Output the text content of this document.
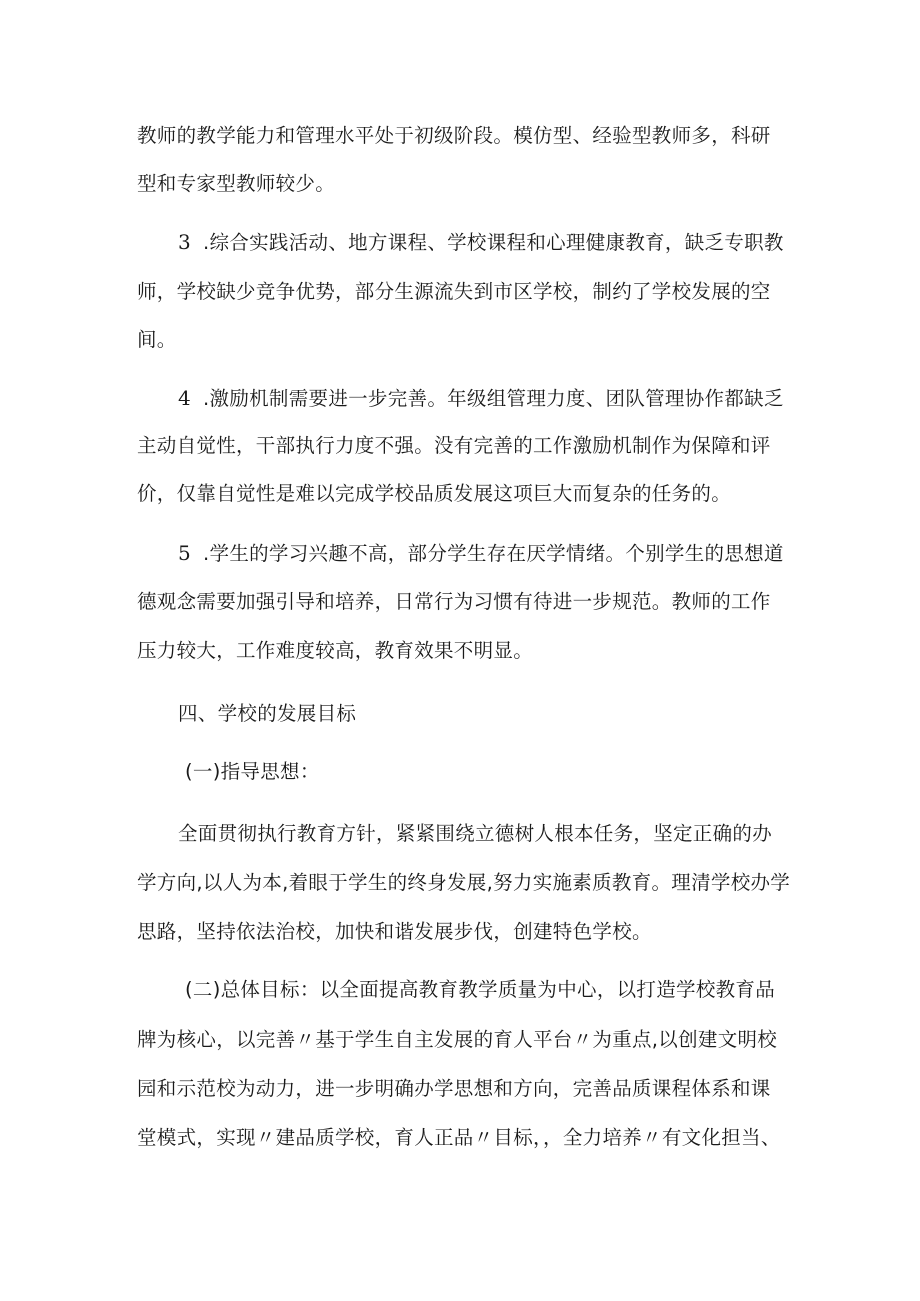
教师的教学能力和管理水平处于初级阶段。模仿型、经验型教师多，科研
型和专家型教师较少。
3 .综合实践活动、地方课程、学校课程和心理健康教育，缺乏专职教
师，学校缺少竞争优势，部分生源流失到市区学校，制约了学校发展的空
间。
4 .激励机制需要进一步完善。年级组管理力度、团队管理协作都缺乏
主动自觉性，干部执行力度不强。没有完善的工作激励机制作为保障和评
价，仅靠自觉性是难以完成学校品质发展这项巨大而复杂的任务的。
5 .学生的学习兴趣不高，部分学生存在厌学情绪。个别学生的思想道
德观念需要加强引导和培养，日常行为习惯有待进一步规范。教师的工作
压力较大，工作难度较高，教育效果不明显。
四、学校的发展目标
(一)指导思想：
全面贯彻执行教育方针，紧紧围绕立德树人根本任务，坚定正确的办
学方向,以人为本,着眼于学生的终身发展,努力实施素质教育。理清学校办学
思路，坚持依法治校，加快和谐发展步伐，创建特色学校。
(二)总体目标：以全面提高教育教学质量为中心，以打造学校教育品
牌为核心，以完善〃基于学生自主发展的育人平台〃为重点,以创建文明校
园和示范校为动力，进一步明确办学思想和方向，完善品质课程体系和课
堂模式，实现〃建品质学校，育人正品〃目标，，全力培养〃有文化担当、
